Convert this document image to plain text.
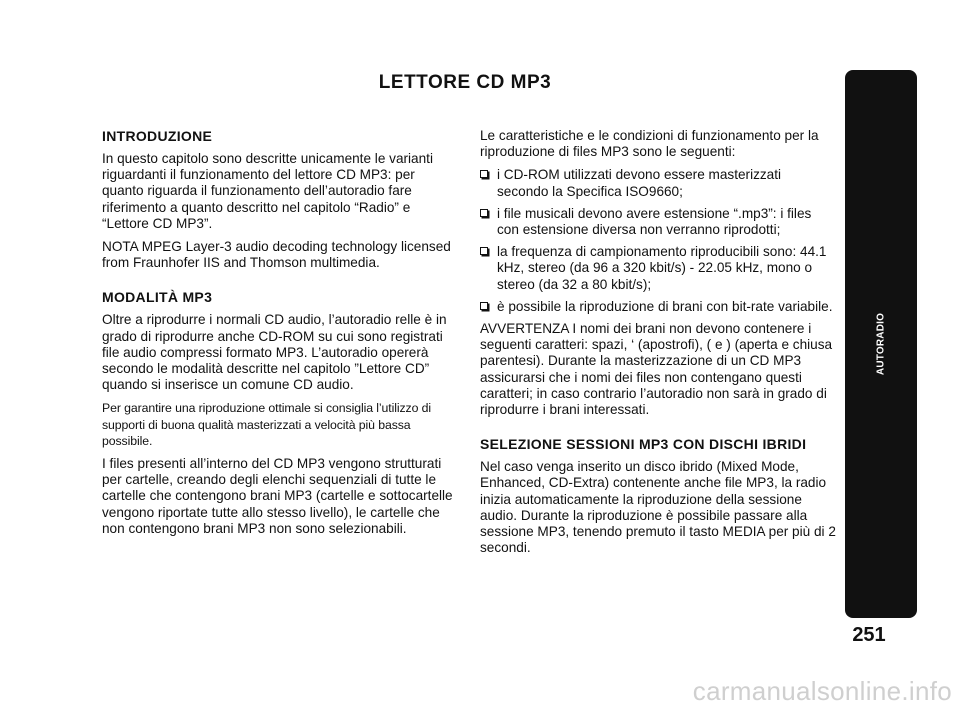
LETTORE CD MP3
INTRODUZIONE

In questo capitolo sono descritte unicamente le varianti riguardanti il funzionamento del lettore CD MP3: per quanto riguarda il funzionamento dell’autoradio fare riferimento a quanto descritto nel capitolo “Radio” e “Lettore CD MP3”.

NOTA MPEG Layer-3 audio decoding technology licensed from Fraunhofer IIS and Thomson multimedia.

MODALITÀ MP3

Oltre a riprodurre i normali CD audio, l’autoradio relle è in grado di riprodurre anche CD-ROM su cui sono registrati file audio compressi formato MP3. L’autoradio opererà secondo le modalità descritte nel capitolo ”Lettore CD” quando si inserisce un comune CD audio.

Per garantire una riproduzione ottimale si consiglia l’utilizzo di supporti di buona qualità masterizzati a velocità più bassa possibile.

I files presenti all’interno del CD MP3 vengono strutturati per cartelle, creando degli elenchi sequenziali di tutte le cartelle che contengono brani MP3 (cartelle e sottocartelle vengono riportate tutte allo stesso livello), le cartelle che non contengono brani MP3 non sono selezionabili.

Le caratteristiche e le condizioni di funzionamento per la riproduzione di files MP3 sono le seguenti:

i CD-ROM utilizzati devono essere masterizzati secondo la Specifica ISO9660;
i file musicali devono avere estensione “.mp3”: i files con estensione diversa non verranno riprodotti;
la frequenza di campionamento riproducibili sono: 44.1 kHz, stereo (da 96 a 320 kbit/s) - 22.05 kHz, mono o stereo (da 32 a 80 kbit/s);
è possibile la riproduzione di brani con bit-rate variabile.

AVVERTENZA I nomi dei brani non devono contenere i seguenti caratteri: spazi, ‘ (apostrofi), ( e ) (aperta e chiusa parentesi). Durante la masterizzazione di un CD MP3 assicurarsi che i nomi dei files non contengano questi caratteri; in caso contrario l’autoradio non sarà in grado di riprodurre i brani interessati.

SELEZIONE SESSIONI MP3 CON DISCHI IBRIDI

Nel caso venga inserito un disco ibrido (Mixed Mode, Enhanced, CD-Extra) contenente anche file MP3, la radio inizia automaticamente la riproduzione della sessione audio. Durante la riproduzione è possibile passare alla sessione MP3, tenendo premuto il tasto MEDIA per più di 2 secondi.

AUTORADIO
251
carmanualsonline.info
